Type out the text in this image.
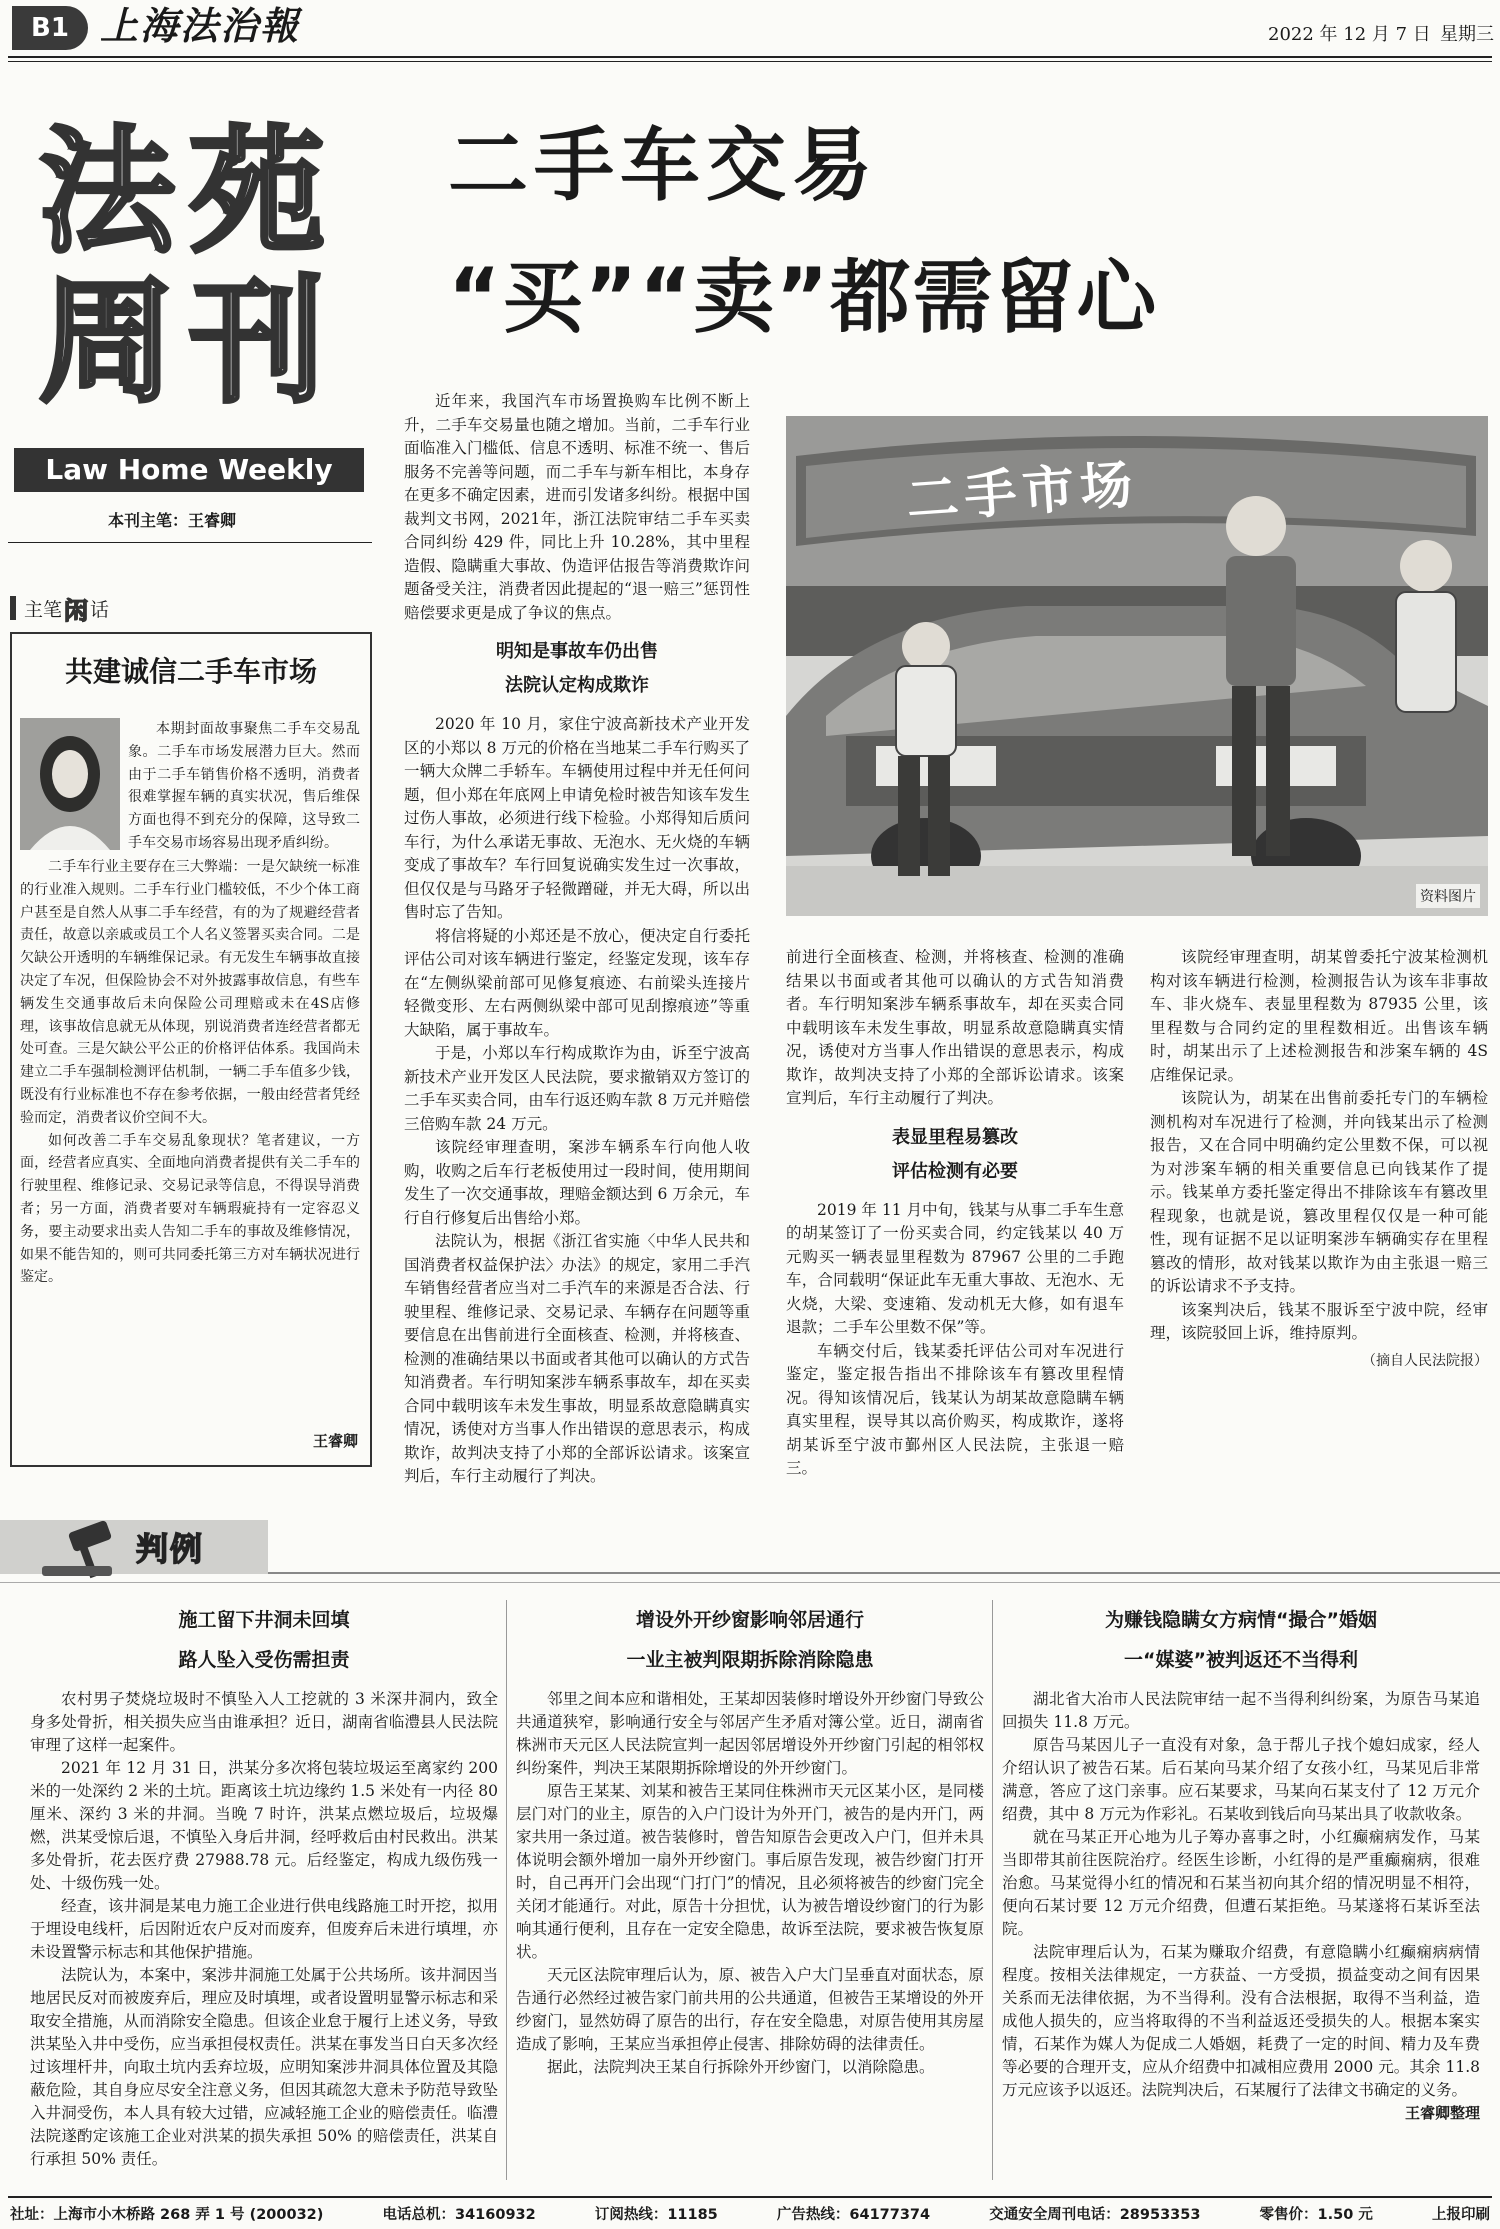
B1 上海法治報	2022 年 12 月 7 日 星期三
法苑
周刊
Law Home Weekly
本刊主笔：王睿卿
二手车交易
“买”“卖”都需留心
二手市场
资料图片
主笔 闲 话
共建诚信二手车市场
本期封面故事聚焦二手车交易乱象。二手车市场发展潜力巨大。然而由于二手车销售价格不透明，消费者很难掌握车辆的真实状况，售后维保方面也得不到充分的保障，这导致二手车交易市场容易出现矛盾纠纷。

二手车行业主要存在三大弊端：一是欠缺统一标准的行业准入规则。二手车行业门槛较低，不少个体工商户甚至是自然人从事二手车经营，有的为了规避经营者责任，故意以亲戚或员工个人名义签署买卖合同。二是欠缺公开透明的车辆维保记录。有无发生车辆事故直接决定了车况，但保险协会不对外披露事故信息，有些车辆发生交通事故后未向保险公司理赔或未在4S店修理，该事故信息就无从体现，别说消费者连经营者都无处可查。三是欠缺公平公正的价格评估体系。我国尚未建立二手车强制检测评估机制，一辆二手车值多少钱，既没有行业标准也不存在参考依据，一般由经营者凭经验而定，消费者议价空间不大。

如何改善二手车交易乱象现状？笔者建议，一方面，经营者应真实、全面地向消费者提供有关二手车的行驶里程、维修记录、交易记录等信息，不得误导消费者；另一方面，消费者要对车辆瑕疵持有一定容忍义务，要主动要求出卖人告知二手车的事故及维修情况，如果不能告知的，则可共同委托第三方对车辆状况进行鉴定。

王睿卿

近年来，我国汽车市场置换购车比例不断上升，二手车交易量也随之增加。当前，二手车行业面临准入门槛低、信息不透明、标准不统一、售后服务不完善等问题，而二手车与新车相比，本身存在更多不确定因素，进而引发诸多纠纷。根据中国裁判文书网，2021年，浙江法院审结二手车买卖合同纠纷 429 件，同比上升 10.28%，其中里程造假、隐瞒重大事故、伪造评估报告等消费欺诈问题备受关注，消费者因此提起的“退一赔三”惩罚性赔偿要求更是成了争议的焦点。

明知是事故车仍出售
法院认定构成欺诈

2020 年 10 月，家住宁波高新技术产业开发区的小郑以 8 万元的价格在当地某二手车行购买了一辆大众牌二手轿车。车辆使用过程中并无任何问题，但小郑在年底网上申请免检时被告知该车发生过伤人事故，必须进行线下检验。小郑得知后质问车行，为什么承诺无事故、无泡水、无火烧的车辆变成了事故车？车行回复说确实发生过一次事故，但仅仅是与马路牙子轻微蹭碰，并无大碍，所以出售时忘了告知。

将信将疑的小郑还是不放心，便决定自行委托评估公司对该车辆进行鉴定，经鉴定发现，该车存在“左侧纵梁前部可见修复痕迹、右前梁头连接片轻微变形、左右两侧纵梁中部可见刮擦痕迹”等重大缺陷，属于事故车。

于是，小郑以车行构成欺诈为由，诉至宁波高新技术产业开发区人民法院，要求撤销双方签订的二手车买卖合同，由车行返还购车款 8 万元并赔偿三倍购车款 24 万元。

该院经审理查明，案涉车辆系车行向他人收购，收购之后车行老板使用过一段时间，使用期间发生了一次交通事故，理赔金额达到 6 万余元，车行自行修复后出售给小郑。

法院认为，根据《浙江省实施〈中华人民共和国消费者权益保护法〉办法》的规定，家用二手汽车销售经营者应当对二手汽车的来源是否合法、行驶里程、维修记录、交易记录、车辆存在问题等重要信息在出售前进行全面核查、检测，并将核查、检测的准确结果以书面或者其他可以确认的方式告知消费者。车行明知案涉车辆系事故车，却在买卖合同中载明该车未发生事故，明显系故意隐瞒真实情况，诱使对方当事人作出错误的意思表示，构成欺诈，故判决支持了小郑的全部诉讼请求。该案宣判后，车行主动履行了判决。

前进行全面核查、检测，并将核查、检测的准确结果以书面或者其他可以确认的方式告知消费者。车行明知案涉车辆系事故车，却在买卖合同中载明该车未发生事故，明显系故意隐瞒真实情况，诱使对方当事人作出错误的意思表示，构成欺诈，故判决支持了小郑的全部诉讼请求。该案宣判后，车行主动履行了判决。

表显里程易篡改
评估检测有必要

2019 年 11 月中旬，钱某与从事二手车生意的胡某签订了一份买卖合同，约定钱某以 40 万元购买一辆表显里程数为 87967 公里的二手跑车，合同载明“保证此车无重大事故、无泡水、无火烧，大梁、变速箱、发动机无大修，如有退车退款；二手车公里数不保”等。

车辆交付后，钱某委托评估公司对车况进行鉴定，鉴定报告指出不排除该车有篡改里程情况。得知该情况后，钱某认为胡某故意隐瞒车辆真实里程，误导其以高价购买，构成欺诈，遂将胡某诉至宁波市鄞州区人民法院，主张退一赔三。

该院经审理查明，胡某曾委托宁波某检测机构对该车辆进行检测，检测报告认为该车非事故车、非火烧车、表显里程数为 87935 公里，该里程数与合同约定的里程数相近。出售该车辆时，胡某出示了上述检测报告和涉案车辆的 4S 店维保记录。

该院认为，胡某在出售前委托专门的车辆检测机构对车况进行了检测，并向钱某出示了检测报告，又在合同中明确约定公里数不保，可以视为对涉案车辆的相关重要信息已向钱某作了提示。钱某单方委托鉴定得出不排除该车有篡改里程现象，也就是说，篡改里程仅仅是一种可能性，现有证据不足以证明案涉车辆确实存在里程篡改的情形，故对钱某以欺诈为由主张退一赔三的诉讼请求不予支持。

该案判决后，钱某不服诉至宁波中院，经审理，该院驳回上诉，维持原判。

（摘自人民法院报）
判例
施工留下井洞未回填
路人坠入受伤需担责

农村男子焚烧垃圾时不慎坠入人工挖就的 3 米深井洞内，致全身多处骨折，相关损失应当由谁承担？近日，湖南省临澧县人民法院审理了这样一起案件。

2021 年 12 月 31 日，洪某分多次将包装垃圾运至离家约 200 米的一处深约 2 米的土坑。距离该土坑边缘约 1.5 米处有一内径 80 厘米、深约 3 米的井洞。当晚 7 时许，洪某点燃垃圾后，垃圾爆燃，洪某受惊后退，不慎坠入身后井洞，经呼救后由村民救出。洪某多处骨折，花去医疗费 27988.78 元。后经鉴定，构成九级伤残一处、十级伤残一处。

经查，该井洞是某电力施工企业进行供电线路施工时开挖，拟用于埋设电线杆，后因附近农户反对而废弃，但废弃后未进行填埋，亦未设置警示标志和其他保护措施。

法院认为，本案中，案涉井洞施工处属于公共场所。该井洞因当地居民反对而被废弃后，理应及时填埋，或者设置明显警示标志和采取安全措施，从而消除安全隐患。但该企业怠于履行上述义务，导致洪某坠入井中受伤，应当承担侵权责任。洪某在事发当日白天多次经过该埋杆井，向取土坑内丢弃垃圾，应明知案涉井洞具体位置及其隐蔽危险，其自身应尽安全注意义务，但因其疏忽大意未予防范导致坠入井洞受伤，本人具有较大过错，应减轻施工企业的赔偿责任。临澧法院遂酌定该施工企业对洪某的损失承担 50% 的赔偿责任，洪某自行承担 50% 责任。

增设外开纱窗影响邻居通行
一业主被判限期拆除消除隐患

邻里之间本应和谐相处，王某却因装修时增设外开纱窗门导致公共通道狭窄，影响通行安全与邻居产生矛盾对簿公堂。近日，湖南省株洲市天元区人民法院宣判一起因邻居增设外开纱窗门引起的相邻权纠纷案件，判决王某限期拆除增设的外开纱窗门。

原告王某某、刘某和被告王某同住株洲市天元区某小区，是同楼层门对门的业主，原告的入户门设计为外开门，被告的是内开门，两家共用一条过道。被告装修时，曾告知原告会更改入户门，但并未具体说明会额外增加一扇外开纱窗门。事后原告发现，被告纱窗门打开时，自己再开门会出现“门打门”的情况，且必须将被告的纱窗门完全关闭才能通行。对此，原告十分担忧，认为被告增设纱窗门的行为影响其通行便利，且存在一定安全隐患，故诉至法院，要求被告恢复原状。

天元区法院审理后认为，原、被告入户大门呈垂直对面状态，原告通行必然经过被告家门前共用的公共通道，但被告王某增设的外开纱窗门，显然妨碍了原告的出行，存在安全隐患，对原告使用其房屋造成了影响，王某应当承担停止侵害、排除妨碍的法律责任。

据此，法院判决王某自行拆除外开纱窗门，以消除隐患。

为赚钱隐瞒女方病情“撮合”婚姻
一“媒婆”被判返还不当得利

湖北省大冶市人民法院审结一起不当得利纠纷案，为原告马某追回损失 11.8 万元。

原告马某因儿子一直没有对象，急于帮儿子找个媳妇成家，经人介绍认识了被告石某。后石某向马某介绍了女孩小红，马某见后非常满意，答应了这门亲事。应石某要求，马某向石某支付了 12 万元介绍费，其中 8 万元为作彩礼。石某收到钱后向马某出具了收款收条。

就在马某正开心地为儿子筹办喜事之时，小红癫痫病发作，马某当即带其前往医院治疗。经医生诊断，小红得的是严重癫痫病，很难治愈。马某觉得小红的情况和石某当初向其介绍的情况明显不相符，便向石某讨要 12 万元介绍费，但遭石某拒绝。马某遂将石某诉至法院。

法院审理后认为，石某为赚取介绍费，有意隐瞒小红癫痫病病情程度。按相关法律规定，一方获益、一方受损，损益变动之间有因果关系而无法律依据，为不当得利。没有合法根据，取得不当利益，造成他人损失的，应当将取得的不当利益返还受损失的人。根据本案实情，石某作为媒人为促成二人婚姻，耗费了一定的时间、精力及车费等必要的合理开支，应从介绍费中扣减相应费用 2000 元。其余 11.8 万元应该予以返还。法院判决后，石某履行了法律文书确定的义务。

王睿卿整理
社址：上海市小木桥路 268 弄 1 号 (200032)	电话总机：34160932	订阅热线：11185	广告热线：64177374	交通安全周刊电话：28953353	零售价：1.50 元	上报印刷
